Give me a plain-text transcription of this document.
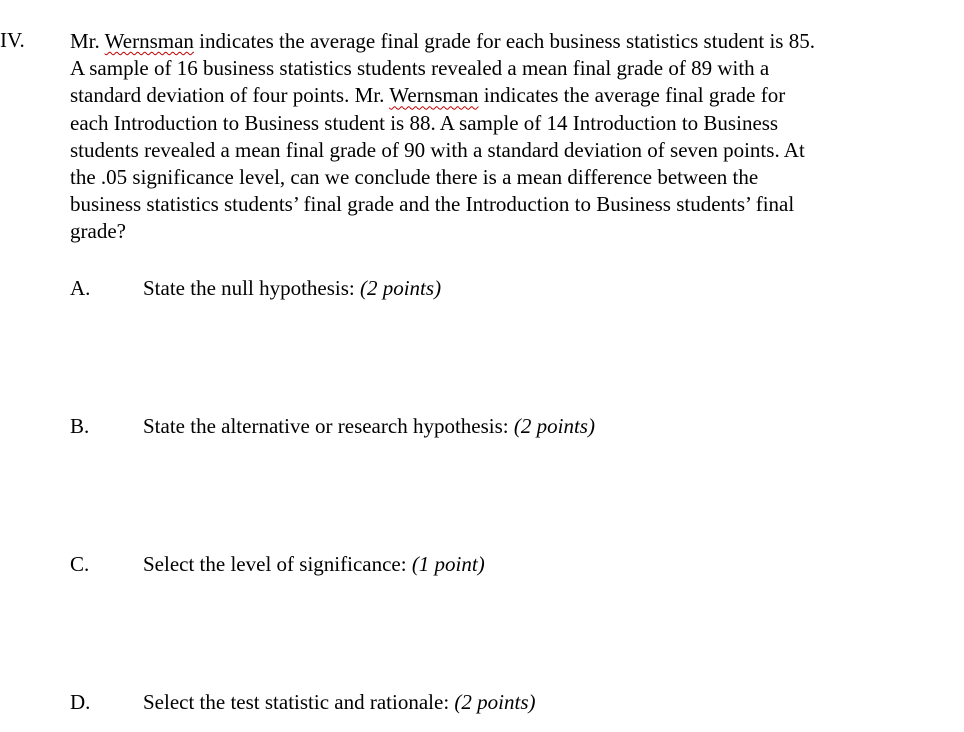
IV. Mr. Wernsman indicates the average final grade for each business statistics student is 85.
A sample of 16 business statistics students revealed a mean final grade of 89 with a
standard deviation of four points. Mr. Wernsman indicates the average final grade for
each Introduction to Business student is 88. A sample of 14 Introduction to Business
students revealed a mean final grade of 90 with a standard deviation of seven points. At
the .05 significance level, can we conclude there is a mean difference between the
business statistics students’ final grade and the Introduction to Business students’ final
grade?
A.	State the null hypothesis: (2 points)
B.	State the alternative or research hypothesis: (2 points)
C.	Select the level of significance: (1 point)
D.	Select the test statistic and rationale: (2 points)
